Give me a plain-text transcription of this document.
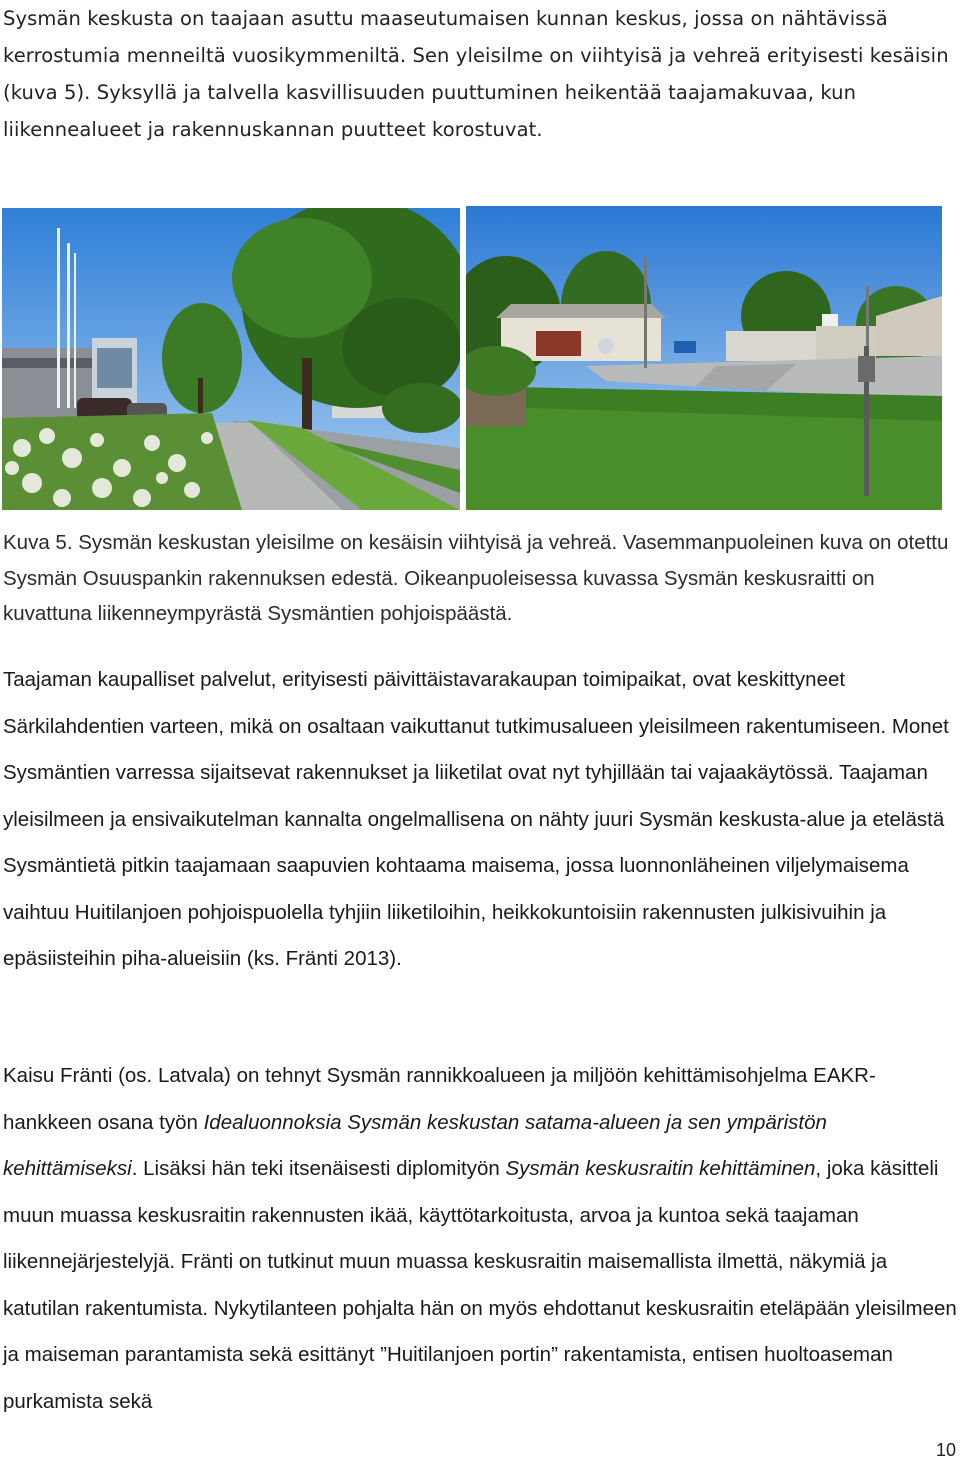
Sysmän keskusta on taajaan asuttu maaseutumaisen kunnan keskus, jossa on nähtävissä kerrostumia menneiltä vuosikymmeniltä. Sen yleisilme on viihtyisä ja vehreä erityisesti kesäisin (kuva 5). Syksyllä ja talvella kasvillisuuden puuttuminen heikentää taajamakuvaa, kun liikennealueet ja rakennuskannan puutteet korostuvat.

Kuva 5. Sysmän keskustan yleisilme on kesäisin viihtyisä ja vehreä. Vasemmanpuoleinen kuva on otettu Sysmän Osuuspankin rakennuksen edestä. Oikeanpuoleisessa kuvassa Sysmän keskusraitti on kuvattuna liikenneympyrästä Sysmäntien pohjoispäästä.

Taajaman kaupalliset palvelut, erityisesti päivittäistavarakaupan toimipaikat, ovat keskittyneet Särkilahdentien varteen, mikä on osaltaan vaikuttanut tutkimusalueen yleisilmeen rakentumiseen. Monet Sysmäntien varressa sijaitsevat rakennukset ja liiketilat ovat nyt tyhjillään tai vajaakäytössä. Taajaman yleisilmeen ja ensivaikutelman kannalta ongelmallisena on nähty juuri Sysmän keskusta-alue ja etelästä Sysmäntietä pitkin taajamaan saapuvien kohtaama maisema, jossa luonnonläheinen viljelymaisema vaihtuu Huitilanjoen pohjoispuolella tyhjiin liiketiloihin, heikkokuntoisiin rakennusten julkisivuihin ja epäsiisteihin piha-alueisiin (ks. Fränti 2013).

Kaisu Fränti (os. Latvala) on tehnyt Sysmän rannikkoalueen ja miljöön kehittämisohjelma EAKR-hankkeen osana työn Idealuonnoksia Sysmän keskustan satama-alueen ja sen ympäristön kehittämiseksi. Lisäksi hän teki itsenäisesti diplomityön Sysmän keskusraitin kehittäminen, joka käsitteli muun muassa keskusraitin rakennusten ikää, käyttötarkoitusta, arvoa ja kuntoa sekä taajaman liikennejärjestelyjä. Fränti on tutkinut muun muassa keskusraitin maisemallista ilmettä, näkymiä ja katutilan rakentumista. Nykytilanteen pohjalta hän on myös ehdottanut keskusraitin eteläpään yleisilmeen ja maiseman parantamista sekä esittänyt ”Huitilanjoen portin” rakentamista, entisen huoltoaseman purkamista sekä

10
